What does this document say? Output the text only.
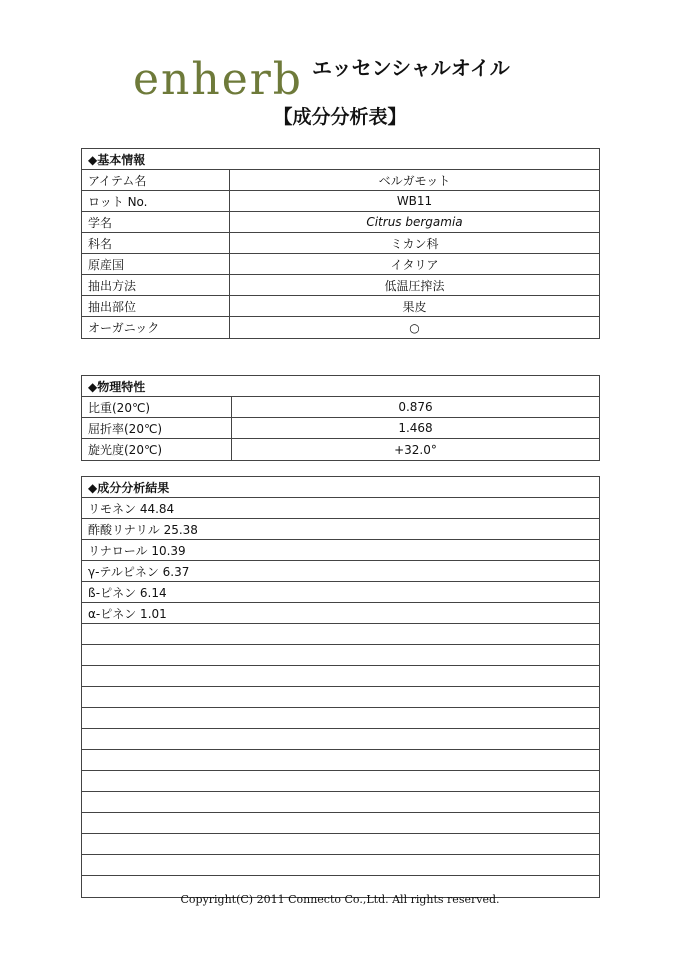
enherb エッセンシャルオイル
【成分分析表】
◆基本情報
アイテム名	ベルガモット
ロット No.	WB11
学名	Citrus bergamia
科名	ミカン科
原産国	イタリア
抽出方法	低温圧搾法
抽出部位	果皮
オーガニック	○
◆物理特性
比重(20℃)	0.876
屈折率(20℃)	1.468
旋光度(20℃)	+32.0°
◆成分分析結果
リモネン 44.84
酢酸リナリル 25.38
リナロール 10.39
γ-テルピネン 6.37
ß-ピネン 6.14
α-ピネン 1.01
Copyright(C) 2011 Connecto Co.,Ltd. All rights reserved.
